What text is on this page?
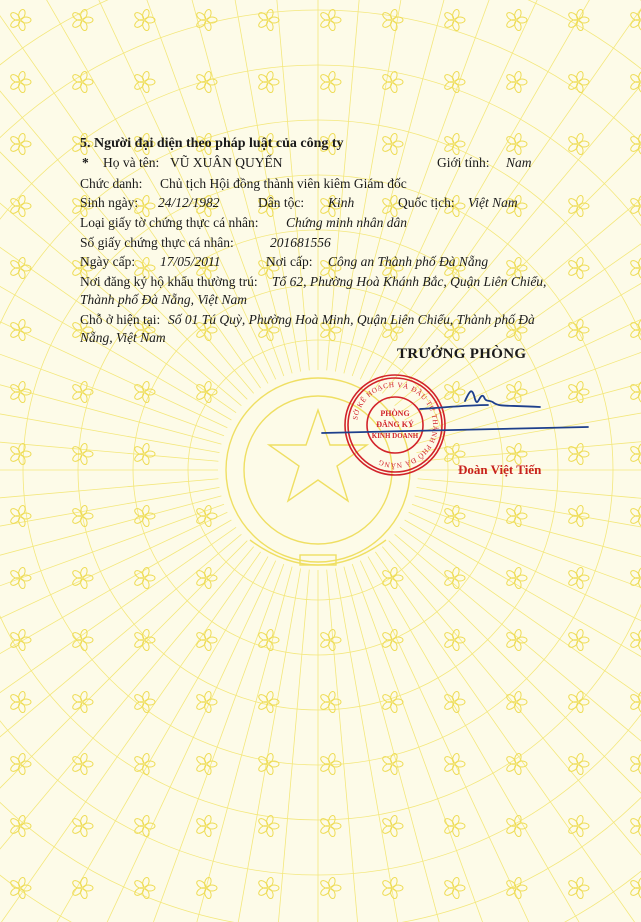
5. Người đại diện theo pháp luật của công ty
* Họ và tên: VŨ XUÂN QUYẾN	Giới tính: Nam
Chức danh: Chủ tịch Hội đồng thành viên kiêm Giám đốc
Sinh ngày: 24/12/1982	Dân tộc: Kinh	Quốc tịch: Việt Nam
Loại giấy tờ chứng thực cá nhân: Chứng minh nhân dân
Số giấy chứng thực cá nhân:	201681556
Ngày cấp: 17/05/2011	Nơi cấp: Công an Thành phố Đà Nẵng
Nơi đăng ký hộ khẩu thường trú: Tổ 62, Phường Hoà Khánh Bắc, Quận Liên Chiểu,
Thành phố Đà Nẵng, Việt Nam
Chỗ ở hiện tại: Số 01 Tú Quỳ, Phường Hoà Minh, Quận Liên Chiểu, Thành phố Đà
Nẵng, Việt Nam
TRƯỞNG PHÒNG
SỞ KẾ HOẠCH VÀ ĐẦU TƯ THÀNH PHỐ ĐÀ NẴNG
PHÒNG
ĐĂNG KÝ
KINH DOANH
Đoàn Việt Tiến
